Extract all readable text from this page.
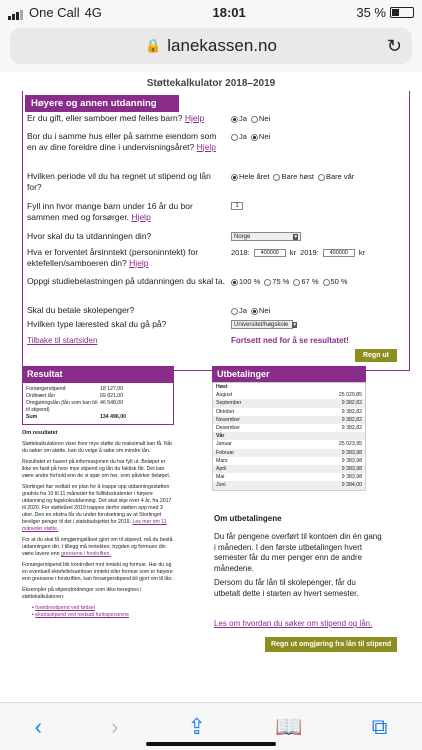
One Call 4G	18:01	35 %
🔒 lanekassen.no	↻
Støttekalkulator 2018–2019
Høyere og annen utdanning
Er du gift, eller samboer med felles barn? Hjelp	Ja	Nei
Bor du i samme hus eller på samme eiendom som en av dine foreldre dine i undervisningsåret? Hjelp
Ja	Nei
Hvilken periode vil du ha regnet ut stipend og lån for?
Hele året	Bare høst	Bare vår
Fyll inn hvor mange barn under 16 år du bor sammen med og forsørger. Hjelp
1
Hvor skal du ta utdanningen din?	Norge	▾
Hva er forventet årsinntekt (personinntekt) for ektefellen/samboeren din? Hjelp
2018:	400000	kr 2019:	400000	kr
Oppgi studiebelastningen på utdanningen du skal ta.	100 %	75 %	67 %	50 %
Skal du betale skolepenger?	Ja	Nei
Hvilken type lærested skal du gå på?	Universitet/høgskole ▾
Tilbake til startsiden	Fortsett ned for å se resultatet!
Regn ut
Resultat
Forsørgerstipend	18 127,00
Ordinært lån	69 821,00
Omgjøringslån (lån som kan bli til stipend)
46 548,00
Sum	134 496,00
Om resultatet

Støttekalkulatoren viser hvor mye støtte du maksimalt kan få. Når du søker om støtte, kan du velge å søke om mindre lån.

Resultatet er basert på informasjonen du har fylt ut. Beløpet er ikke en fasit på hvor mye stipend og lån du faktisk får. Det kan være andre forhold enn de vi spør om her, som påvirker beløpet.

Stortinget har vedtatt en plan for å trappe opp utdanningsstøtten gradvis fra 10 til 11 måneder for fulltidsstudenter i høyere utdanning og fagskoleutdanning. Det skal skje over 4 år, fra 2017 til 2020. For støtteåret 2019 trappes derfor støtten opp med 3 uker. Den en ekstra får du under forutsetning av at Stortinget bevilger penger til det i statsbudsjettet for 2019. Les mer om 11 måneder støtte.

For at du skal få omgjøringslånet gjort om til stipend, må du bestå utdanningen din. I tillegg må inntekten, trygden og formuen din være lavere enn grensene i forskriften.

Forsørgerstipend blir kontrollert mot inntekt og formue. Har du og en eventuell ektefelle/samboer inntekt eller formue som er høyere enn grensene i forskriften, kan forsørgerstipend bli gjort om til lån.

Eksempler på stipendordninger som ikke beregnes i støttekalkulatoren:

• foreldrestipend ved fødsel
• ekstrastipend ved nedsatt funksjonsevne

Utbetalinger
Høst
August	25 020,85
September	9 382,82
Oktober	9 382,82
November	9 382,82
Desember	9 382,82
Vår
Januar	25 023,95
Februar	9 383,98
Mars	9 383,98
April	9 383,98
Mai	9 383,98
Juni	9 384,00
Om utbetalingene
Du får pengene overført til kontoen din én gang i måneden. I den første utbetalingen hvert semester får du mer penger enn de andre månedene.
Dersom du får lån til skolepenger, får du utbetalt dette i starten av hvert semester.
Les om hvordan du søker om stipend og lån.
Regn ut omgjøring fra lån til stipend
‹	›	⇪	📖	⧉
